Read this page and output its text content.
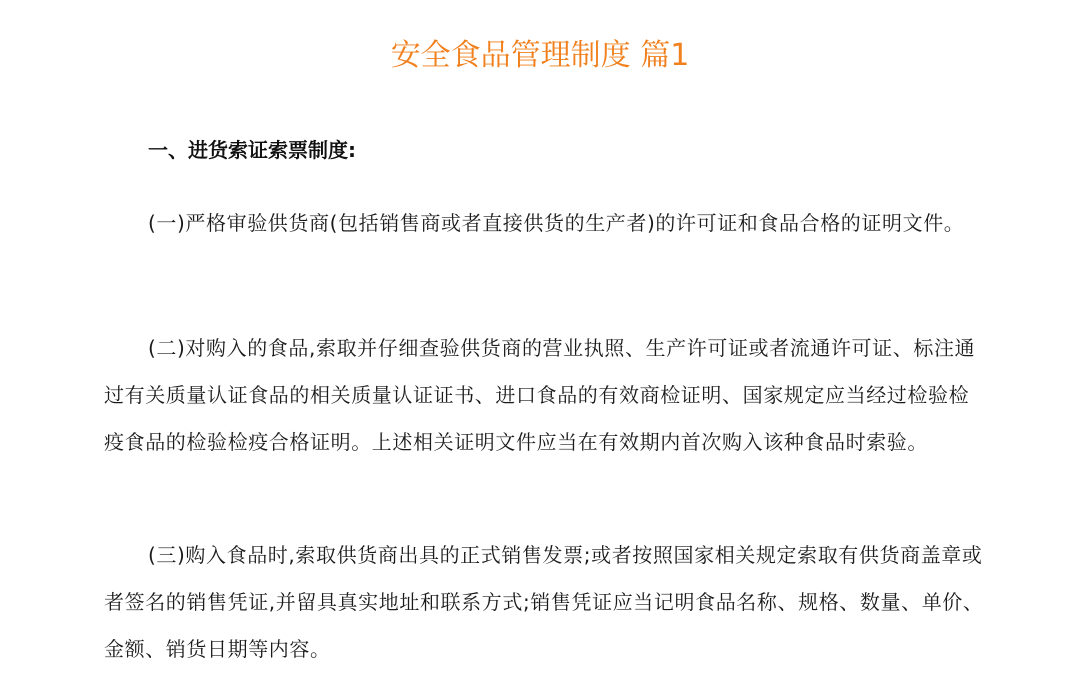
安全食品管理制度 篇1
一、进货索证索票制度:

(一)严格审验供货商(包括销售商或者直接供货的生产者)的许可证和食品合格的证明文件。

(二)对购入的食品,索取并仔细查验供货商的营业执照、生产许可证或者流通许可证、标注通过有关质量认证食品的相关质量认证证书、进口食品的有效商检证明、国家规定应当经过检验检疫食品的检验检疫合格证明。上述相关证明文件应当在有效期内首次购入该种食品时索验。

(三)购入食品时,索取供货商出具的正式销售发票;或者按照国家相关规定索取有供货商盖章或者签名的销售凭证,并留具真实地址和联系方式;销售凭证应当记明食品名称、规格、数量、单价、金额、销货日期等内容。
